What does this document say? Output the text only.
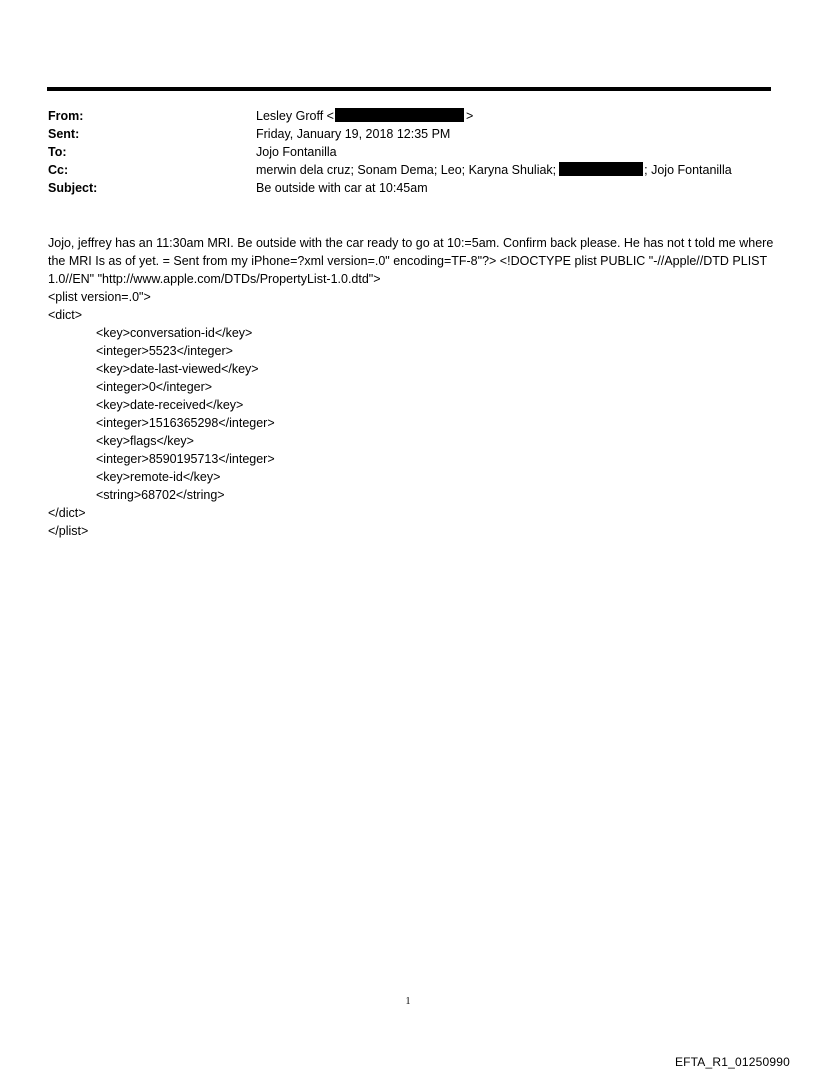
From:	Lesley Groff <	>
Sent:	Friday, January 19, 2018 12:35 PM
To:	Jojo Fontanilla
Cc:	merwin dela cruz; Sonam Dema; Leo; Karyna Shuliak;	; Jojo Fontanilla
Subject:	Be outside with car at 10:45am

Jojo, jeffrey has an 11:30am MRI. Be outside with the car ready to go at 10:=5am. Confirm back please. He has not t told me where the MRI Is as of yet. = Sent from my iPhone=?xml version=.0" encoding=TF-8"?> <!DOCTYPE plist PUBLIC "-//Apple//DTD PLIST 1.0//EN" "http://www.apple.com/DTDs/PropertyList-1.0.dtd">

<plist version=.0">
<dict>
<key>conversation-id</key>
<integer>5523</integer>
<key>date-last-viewed</key>
<integer>0</integer>
<key>date-received</key>
<integer>1516365298</integer>
<key>flags</key>
<integer>8590195713</integer>
<key>remote-id</key>
<string>68702</string>
</dict>
</plist>
1
EFTA_R1_01250990
